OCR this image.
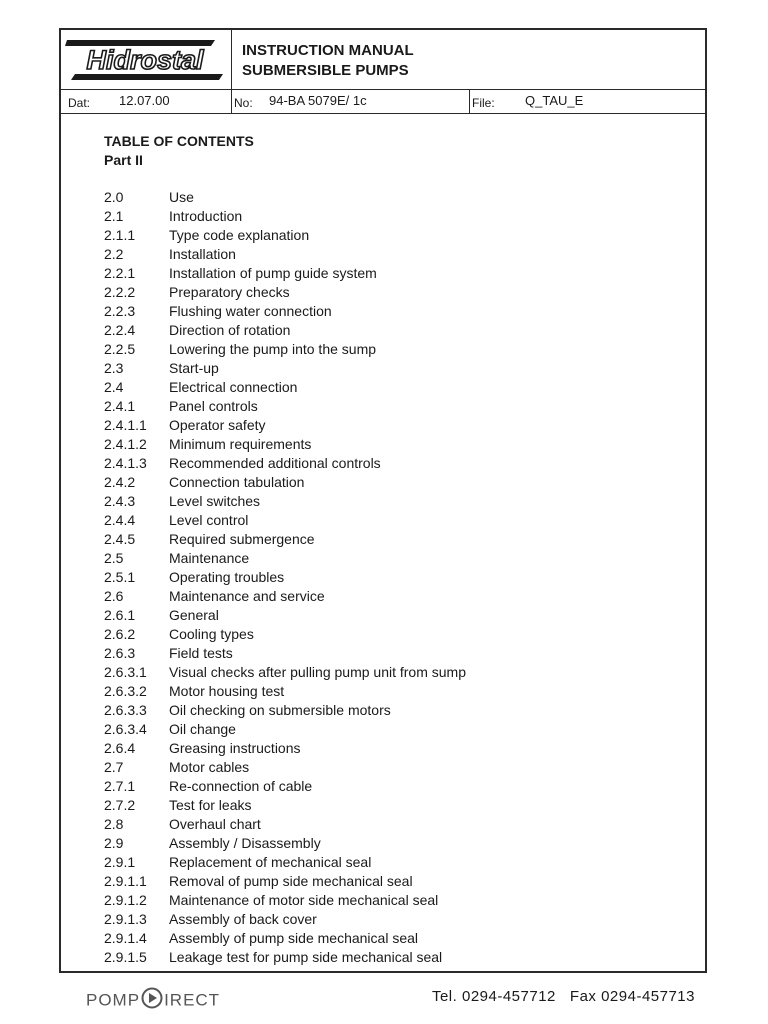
Hidrostal	INSTRUCTION MANUAL
SUBMERSIBLE PUMPS
Dat: 12.07.00	No: 94-BA 5079E/ 1c	File: Q_TAU_E
TABLE OF CONTENTS
Part II
2.0	Use
2.1	Introduction
2.1.1 Type code explanation
2.2	Installation
2.2.1 Installation of pump guide system
2.2.2 Preparatory checks
2.2.3 Flushing water connection
2.2.4 Direction of rotation
2.2.5 Lowering the pump into the sump
2.3	Start-up
2.4	Electrical connection
2.4.1 Panel controls
2.4.1.1 Operator safety
2.4.1.2 Minimum requirements
2.4.1.3 Recommended additional controls
2.4.2 Connection tabulation
2.4.3 Level switches
2.4.4 Level control
2.4.5 Required submergence
2.5	Maintenance
2.5.1 Operating troubles
2.6	Maintenance and service
2.6.1 General
2.6.2 Cooling types
2.6.3 Field tests
2.6.3.1 Visual checks after pulling pump unit from sump
2.6.3.2 Motor housing test
2.6.3.3 Oil checking on submersible motors
2.6.3.4 Oil change
2.6.4 Greasing instructions
2.7	Motor cables
2.7.1 Re-connection of cable
2.7.2 Test for leaks
2.8	Overhaul chart
2.9	Assembly / Disassembly
2.9.1 Replacement of mechanical seal
2.9.1.1 Removal of pump side mechanical seal
2.9.1.2 Maintenance of motor side mechanical seal
2.9.1.3 Assembly of back cover
2.9.1.4 Assembly of pump side mechanical seal
2.9.1.5 Leakage test for pump side mechanical seal
POMP IRECT	Tel. 0294-457712 Fax 0294-457713
